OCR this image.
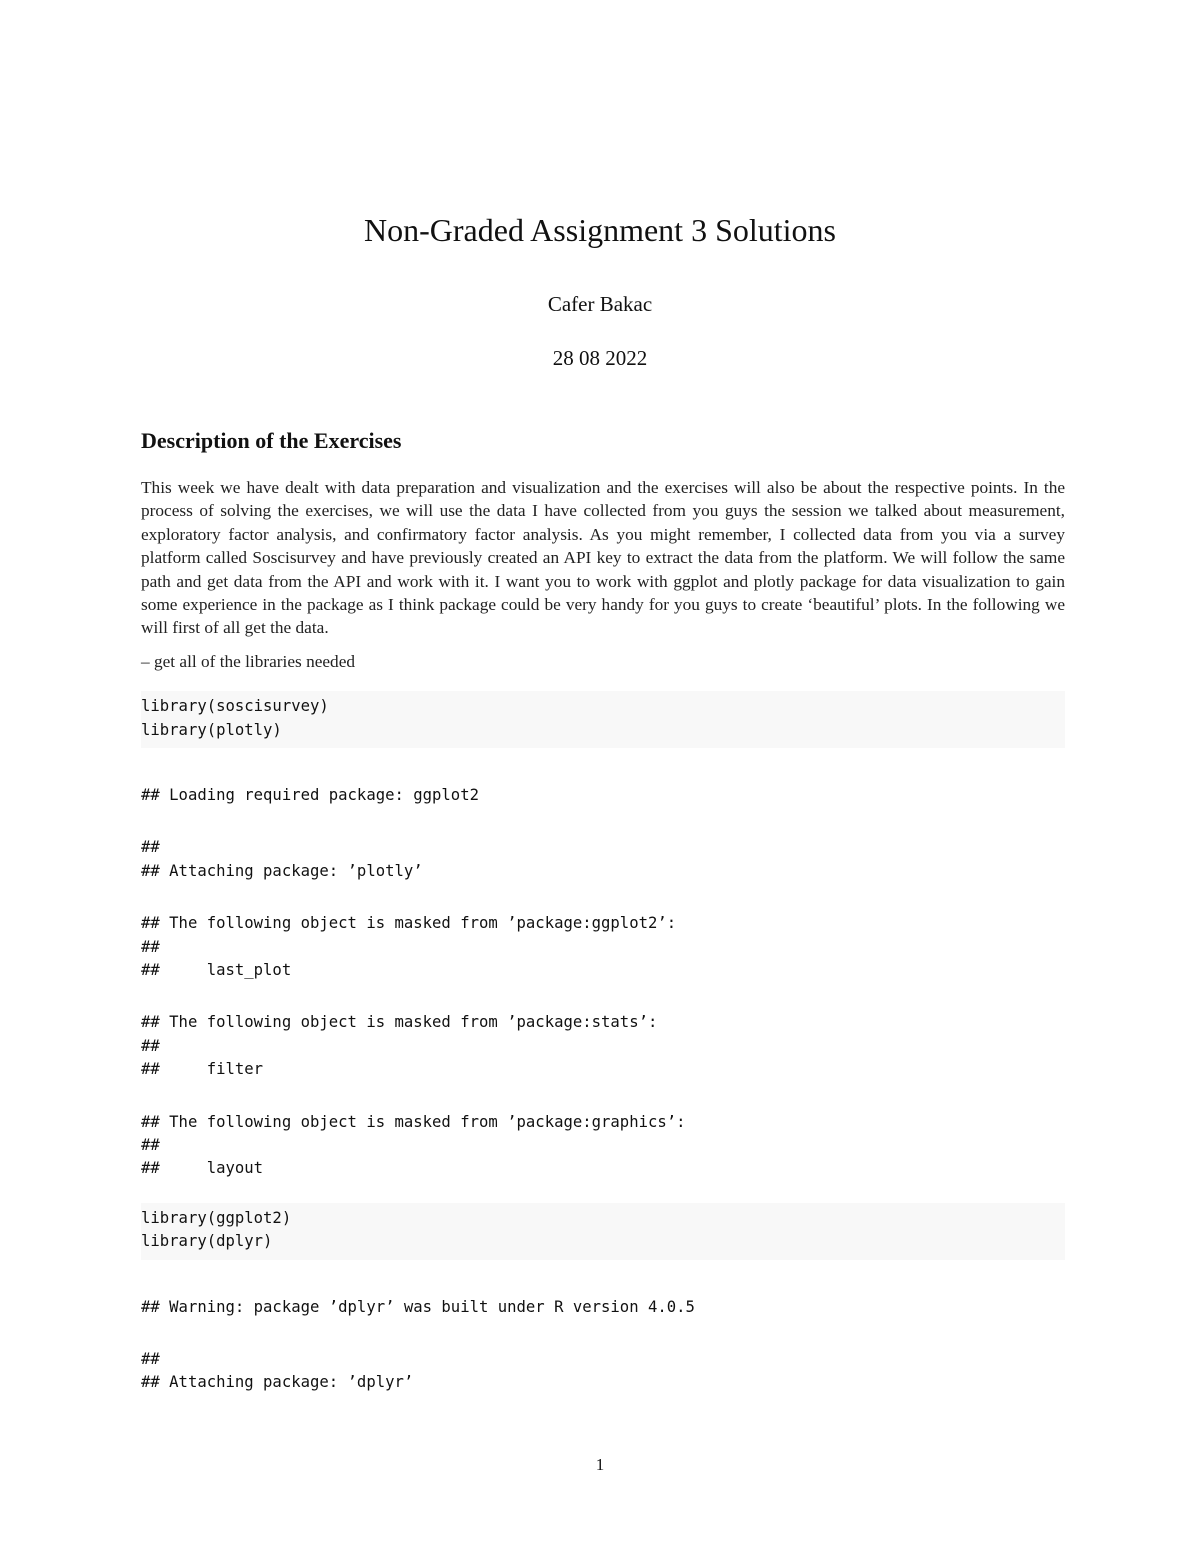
Non-Graded Assignment 3 Solutions
Cafer Bakac
28 08 2022
Description of the Exercises

This week we have dealt with data preparation and visualization and the exercises will also be about the respective points. In the process of solving the exercises, we will use the data I have collected from you guys the session we talked about measurement, exploratory factor analysis, and confirmatory factor analysis. As you might remember, I collected data from you via a survey platform called Soscisurvey and have previously created an API key to extract the data from the platform. We will follow the same path and get data from the API and work with it. I want you to work with ggplot and plotly package for data visualization to gain some experience in the package as I think package could be very handy for you guys to create ‘beautiful’ plots. In the following we will first of all get the data.

– get all of the libraries needed

library(soscisurvey)
library(plotly)
## Loading required package: ggplot2
##
## Attaching package: ’plotly’
## The following object is masked from ’package:ggplot2’:
##
##     last_plot
## The following object is masked from ’package:stats’:
##
##     filter
## The following object is masked from ’package:graphics’:
##
##     layout
library(ggplot2)
library(dplyr)
## Warning: package ’dplyr’ was built under R version 4.0.5
##
## Attaching package: ’dplyr’
1
